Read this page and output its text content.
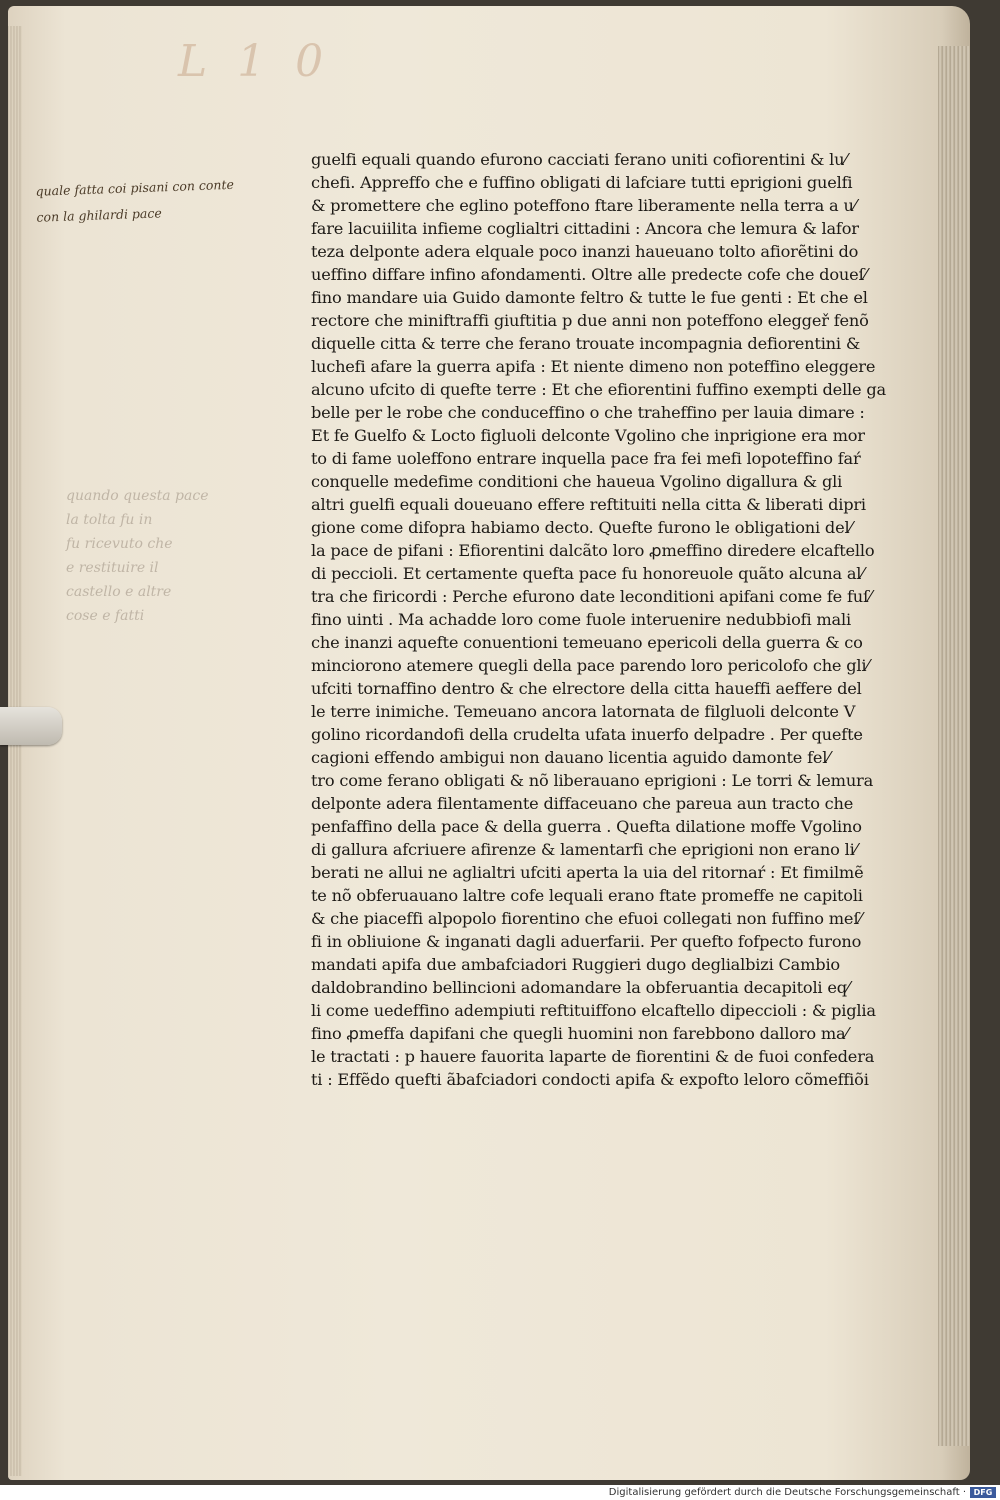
L 1 0
quale fatta coi pisani con conte
con la ghilardi pace
quando questa pace
la tolta fu in
fu ricevuto che
e restituire il
castello e altre
cose e fatti
guelfi equali quando efurono cacciati ferano uniti cofiorentini & lu⁄
chefi. Appreffo che e fuffino obligati di lafciare tutti eprigioni guelfi
& promettere che eglino poteffono ftare liberamente nella terra a u⁄
fare lacuiilita infieme coglialtri cittadini : Ancora che lemura & lafor
teza delponte adera elquale poco inanzi haueuano tolto afiorẽtini do
ueffino diffare infino afondamenti. Oltre alle predecte cofe che doueſ⁄
fino mandare uia Guido damonte feltro & tutte le fue genti : Et che el
rectore che miniftraffi giuftitia p due anni non poteffono eleggeř fenõ
diquelle citta & terre che ferano trouate incompagnia defiorentini &
luchefi afare la guerra apifa : Et niente dimeno non poteffino eleggere
alcuno ufcito di quefte terre : Et che efiorentini fuffino exempti delle ga
belle per le robe che conduceffino o che traheffino per lauia dimare :
Et fe Guelfo & Locto figluoli delconte Vgolino che inprigione era mor
to di fame uoleffono entrare inquella pace fra fei mefi lopoteffino faŕ
conquelle medefime conditioni che haueua Vgolino digallura & gli
altri guelfi equali doueuano effere reftituiti nella citta & liberati dipri
gione come difopra habiamo decto. Quefte furono le obligationi del⁄
la pace de pifani : Efiorentini dalcãto loro ꝓmeffino diredere elcaftello
di peccioli. Et certamente quefta pace fu honoreuole quãto alcuna al⁄
tra che firicordi : Perche efurono date leconditioni apifani come fe fuſ⁄
fino uinti . Ma achadde loro come fuole interuenire nedubbiofi mali
che inanzi aquefte conuentioni temeuano epericoli della guerra & co
minciorono atemere quegli della pace parendo loro pericolofo che gli⁄
ufciti tornaffino dentro & che elrectore della citta haueffi aeffere del
le terre inimiche. Temeuano ancora latornata de filgluoli delconte V
golino ricordandofi della crudelta ufata inuerfo delpadre . Per quefte
cagioni effendo ambigui non dauano licentia aguido damonte fel⁄
tro come ferano obligati & nõ liberauano eprigioni : Le torri & lemura
delponte adera filentamente diffaceuano che pareua aun tracto che
penfaffino della pace & della guerra . Quefta dilatione moffe Vgolino
di gallura afcriuere afirenze & lamentarfi che eprigioni non erano li⁄
berati ne allui ne aglialtri ufciti aperta la uia del ritornaŕ : Et fimilmẽ
te nõ obferuauano laltre cofe lequali erano ftate promeffe ne capitoli
& che piaceffi alpopolo fiorentino che efuoi collegati non fuffino meſ⁄
fi in obliuione & inganati dagli aduerfarii. Per quefto fofpecto furono
mandati apifa due ambafciadori Ruggieri dugo deglialbizi Cambio
daldobrandino bellincioni adomandare la obferuantia decapitoli eq⁄
li come uedeffino adempiuti reftituiffono elcaftello dipeccioli : & piglia
fino ꝓmeffa dapifani che quegli huomini non farebbono dalloro ma⁄
le tractati : p hauere fauorita laparte de fiorentini & de fuoi confedera
ti : Effẽdo quefti ãbafciadori condocti apifa & expofto leloro cõmeffiõi
Digitalisierung gefördert durch die Deutsche Forschungsgemeinschaft · DFG
